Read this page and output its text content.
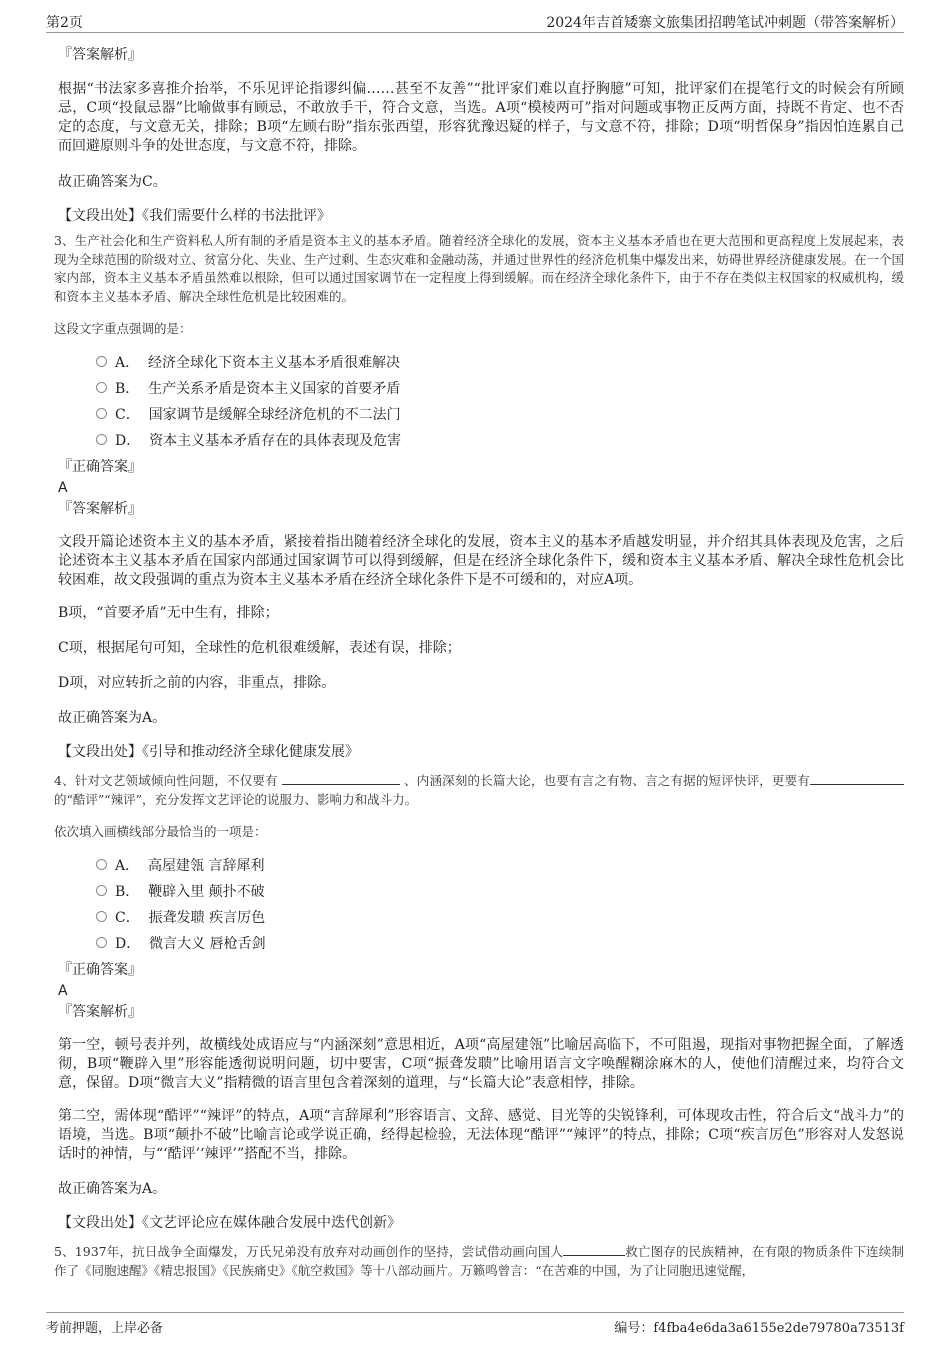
第2页	2024年吉首矮寨文旅集团招聘笔试冲刺题（带答案解析）

『答案解析』

根据“书法家多喜推介抬举，不乐见评论指谬纠偏……甚至不友善”“批评家们难以直抒胸臆”可知，批评家们在提笔行文的时候会有所顾忌，C项“投鼠忌器”比喻做事有顾忌，不敢放手干，符合文意，当选。A项“模棱两可”指对问题或事物正反两方面，持既不肯定、也不否定的态度，与文意无关，排除；B项“左顾右盼”指东张西望，形容犹豫迟疑的样子，与文意不符，排除；D项“明哲保身”指因怕连累自己而回避原则斗争的处世态度，与文意不符，排除。

故正确答案为C。

【文段出处】《我们需要什么样的书法批评》

3、生产社会化和生产资料私人所有制的矛盾是资本主义的基本矛盾。随着经济全球化的发展，资本主义基本矛盾也在更大范围和更高程度上发展起来，表现为全球范围的阶级对立、贫富分化、失业、生产过剩、生态灾难和金融动荡，并通过世界性的经济危机集中爆发出来，妨碍世界经济健康发展。在一个国家内部，资本主义基本矛盾虽然难以根除，但可以通过国家调节在一定程度上得到缓解。而在经济全球化条件下，由于不存在类似主权国家的权威机构，缓和资本主义基本矛盾、解决全球性危机是比较困难的。

这段文字重点强调的是：

A． 经济全球化下资本主义基本矛盾很难解决
B． 生产关系矛盾是资本主义国家的首要矛盾
C． 国家调节是缓解全球经济危机的不二法门
D． 资本主义基本矛盾存在的具体表现及危害

『正确答案』

A

『答案解析』

文段开篇论述资本主义的基本矛盾，紧接着指出随着经济全球化的发展，资本主义的基本矛盾越发明显，并介绍其具体表现及危害，之后论述资本主义基本矛盾在国家内部通过国家调节可以得到缓解，但是在经济全球化条件下，缓和资本主义基本矛盾、解决全球性危机会比较困难，故文段强调的重点为资本主义基本矛盾在经济全球化条件下是不可缓和的，对应A项。

B项，“首要矛盾”无中生有，排除；

C项，根据尾句可知，全球性的危机很难缓解，表述有误，排除；

D项，对应转折之前的内容，非重点，排除。

故正确答案为A。

【文段出处】《引导和推动经济全球化健康发展》

4、针对文艺领域倾向性问题，不仅要有	、内涵深刻的长篇大论，也要有言之有物、言之有据的短评快评，更要有的“酷评”“辣评”，充分发挥文艺评论的说服力、影响力和战斗力。

依次填入画横线部分最恰当的一项是：

A． 高屋建瓴 言辞犀利
B． 鞭辟入里 颠扑不破
C． 振聋发聩 疾言厉色
D． 微言大义 唇枪舌剑

『正确答案』

A

『答案解析』

第一空，顿号表并列，故横线处成语应与“内涵深刻”意思相近，A项“高屋建瓴”比喻居高临下，不可阻遏，现指对事物把握全面，了解透彻，B项“鞭辟入里”形容能透彻说明问题，切中要害，C项“振聋发聩”比喻用语言文字唤醒糊涂麻木的人，使他们清醒过来，均符合文意，保留。D项“微言大义”指精微的语言里包含着深刻的道理，与“长篇大论”表意相悖，排除。

第二空，需体现“酷评”“辣评”的特点，A项“言辞犀利”形容语言、文辞、感觉、目光等的尖锐锋利，可体现攻击性，符合后文“战斗力”的语境，当选。B项“颠扑不破”比喻言论或学说正确，经得起检验，无法体现“酷评”“辣评”的特点，排除；C项“疾言厉色”形容对人发怒说话时的神情，与“‘酷评’‘辣评’”搭配不当，排除。

故正确答案为A。

【文段出处】《文艺评论应在媒体融合发展中迭代创新》

5、1937年，抗日战争全面爆发，万氏兄弟没有放弃对动画创作的坚持，尝试借动画向国人	救亡图存的民族精神，在有限的物质条件下连续制作了《同胞速醒》《精忠报国》《民族痛史》《航空救国》等十八部动画片。万籁鸣曾言：“在苦难的中国，为了让同胞迅速觉醒，

考前押题，上岸必备	编号：f4fba4e6da3a6155e2de79780a73513f
